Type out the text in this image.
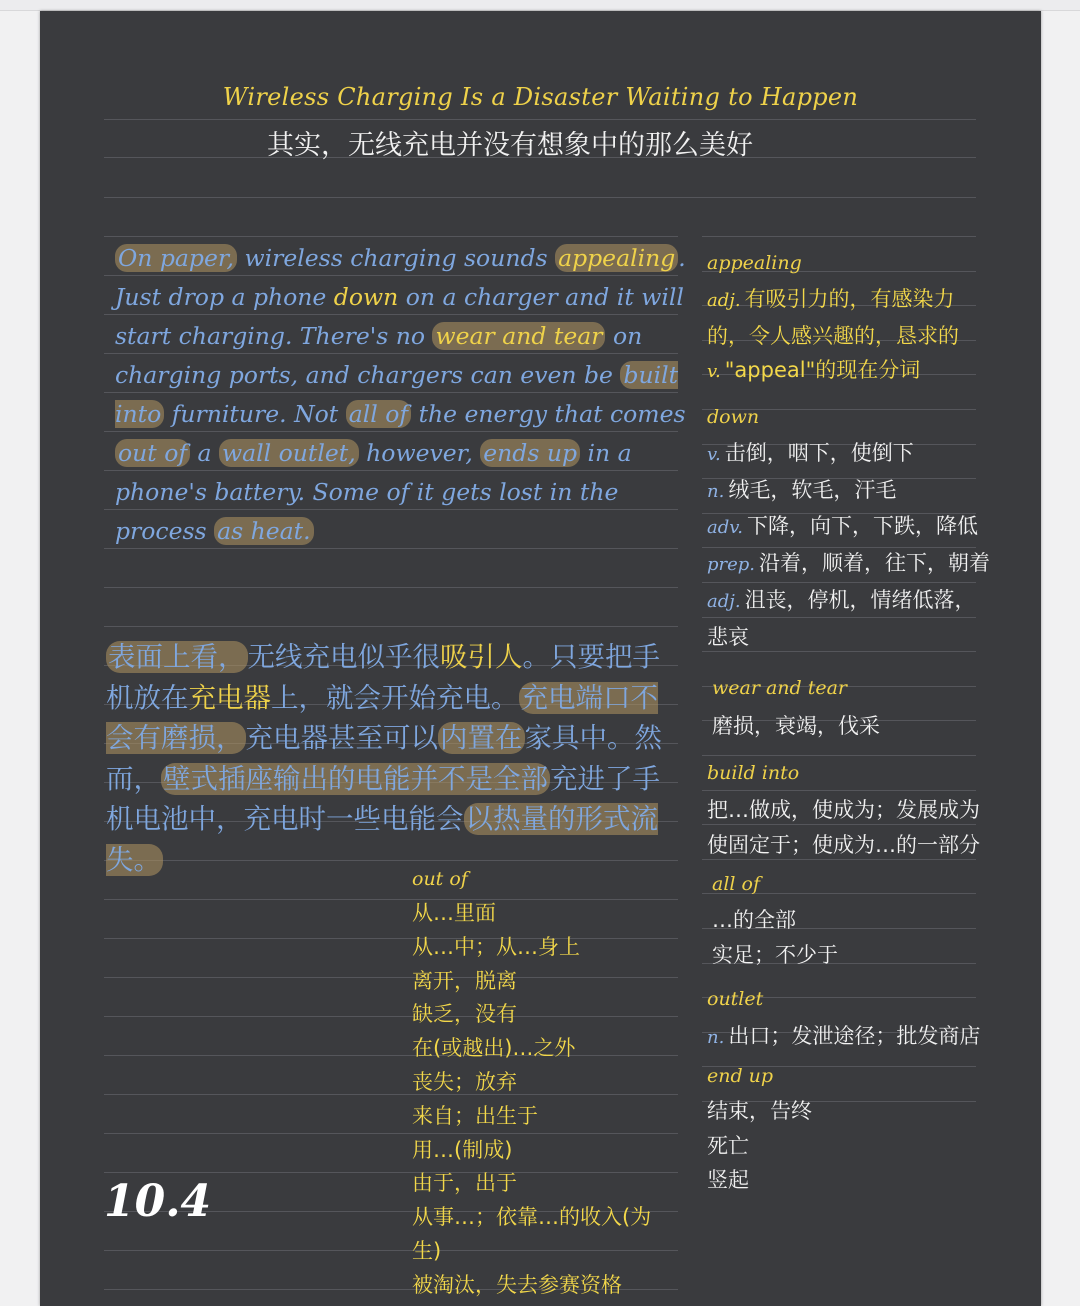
Wireless Charging Is a Disaster Waiting to Happen
其实，无线充电并没有想象中的那么美好
On paper, wireless charging sounds appealing . Just drop a phone down on a charger and it will start charging. There's no wear and tear on charging ports, and chargers can even be built into furniture. Not all of the energy that comes out of a wall outlet, however, ends up in a phone's battery. Some of it gets lost in the process as heat.
表面上看，无线充电似乎很吸引人。只要把手机放在充电器上，就会开始充电。充电端口不会有磨损，充电器甚至可以内置在家具中。然而，壁式插座输出的电能并不是全部充进了手机电池中，充电时一些电能会以热量的形式流失。
appealing
adj. 有吸引力的，有感染力
的，令人感兴趣的，恳求的
v. "appeal"的现在分词
down
v. 击倒，咽下，使倒下
n. 绒毛，软毛，汗毛
adv. 下降，向下，下跌，降低
prep. 沿着，顺着，往下，朝着
adj. 沮丧，停机，情绪低落，
悲哀
wear and tear
磨损，衰竭，伐采
build into
把…做成，使成为；发展成为
使固定于；使成为…的一部分
all of
…的全部
实足；不少于
outlet
n. 出口；发泄途径；批发商店
end up
结束，告终
死亡
竖起
out of
从…里面
从…中；从…身上
离开，脱离
缺乏，没有
在(或越出)…之外
丧失；放弃
来自；出生于
用…(制成)
由于，出于
从事…；依靠…的收入(为
生)
被淘汰，失去参赛资格
10.4
